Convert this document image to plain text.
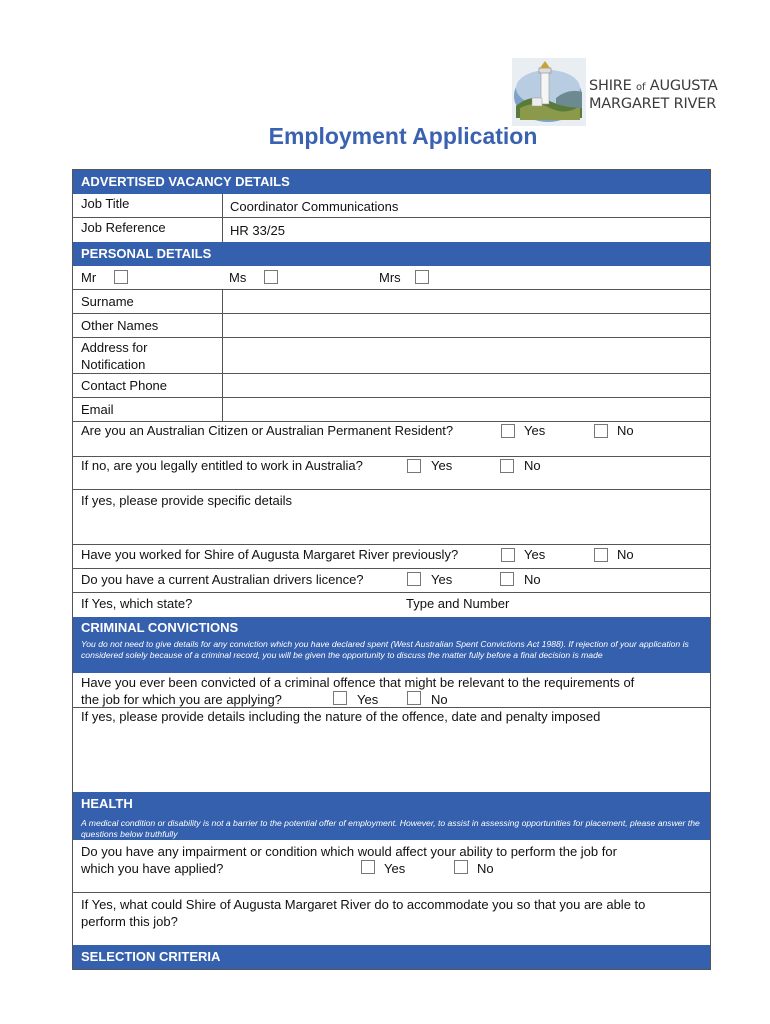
SHIRE of AUGUSTA
MARGARET RIVER
Employment Application
ADVERTISED VACANCY DETAILS
Job Title	Coordinator Communications
Job Reference	HR 33/25
PERSONAL DETAILS
Mr	Ms	Mrs
Surname
Other Names
Address for
Notification
Contact Phone
Email
Are you an Australian Citizen or Australian Permanent Resident?	Yes	No
If no, are you legally entitled to work in Australia?	Yes	No
If yes, please provide specific details
Have you worked for Shire of Augusta Margaret River previously?	Yes	No
Do you have a current Australian drivers licence?	Yes	No
If Yes, which state?	Type and Number
CRIMINAL CONVICTIONS
You do not need to give details for any conviction which you have declared spent (West Australian Spent Convictions Act 1988). If rejection of your application is considered solely because of a criminal record, you will be given the opportunity to discuss the matter fully before a final decision is made
Have you ever been convicted of a criminal offence that might be relevant to the requirements of
the job for which you are applying?	Yes	No
If yes, please provide details including the nature of the offence, date and penalty imposed
HEALTH
A medical condition or disability is not a barrier to the potential offer of employment. However, to assist in assessing opportunities for placement, please answer the questions below truthfully
Do you have any impairment or condition which would affect your ability to perform the job for
which you have applied?	Yes	No
If Yes, what could Shire of Augusta Margaret River do to accommodate you so that you are able to
perform this job?
SELECTION CRITERIA
